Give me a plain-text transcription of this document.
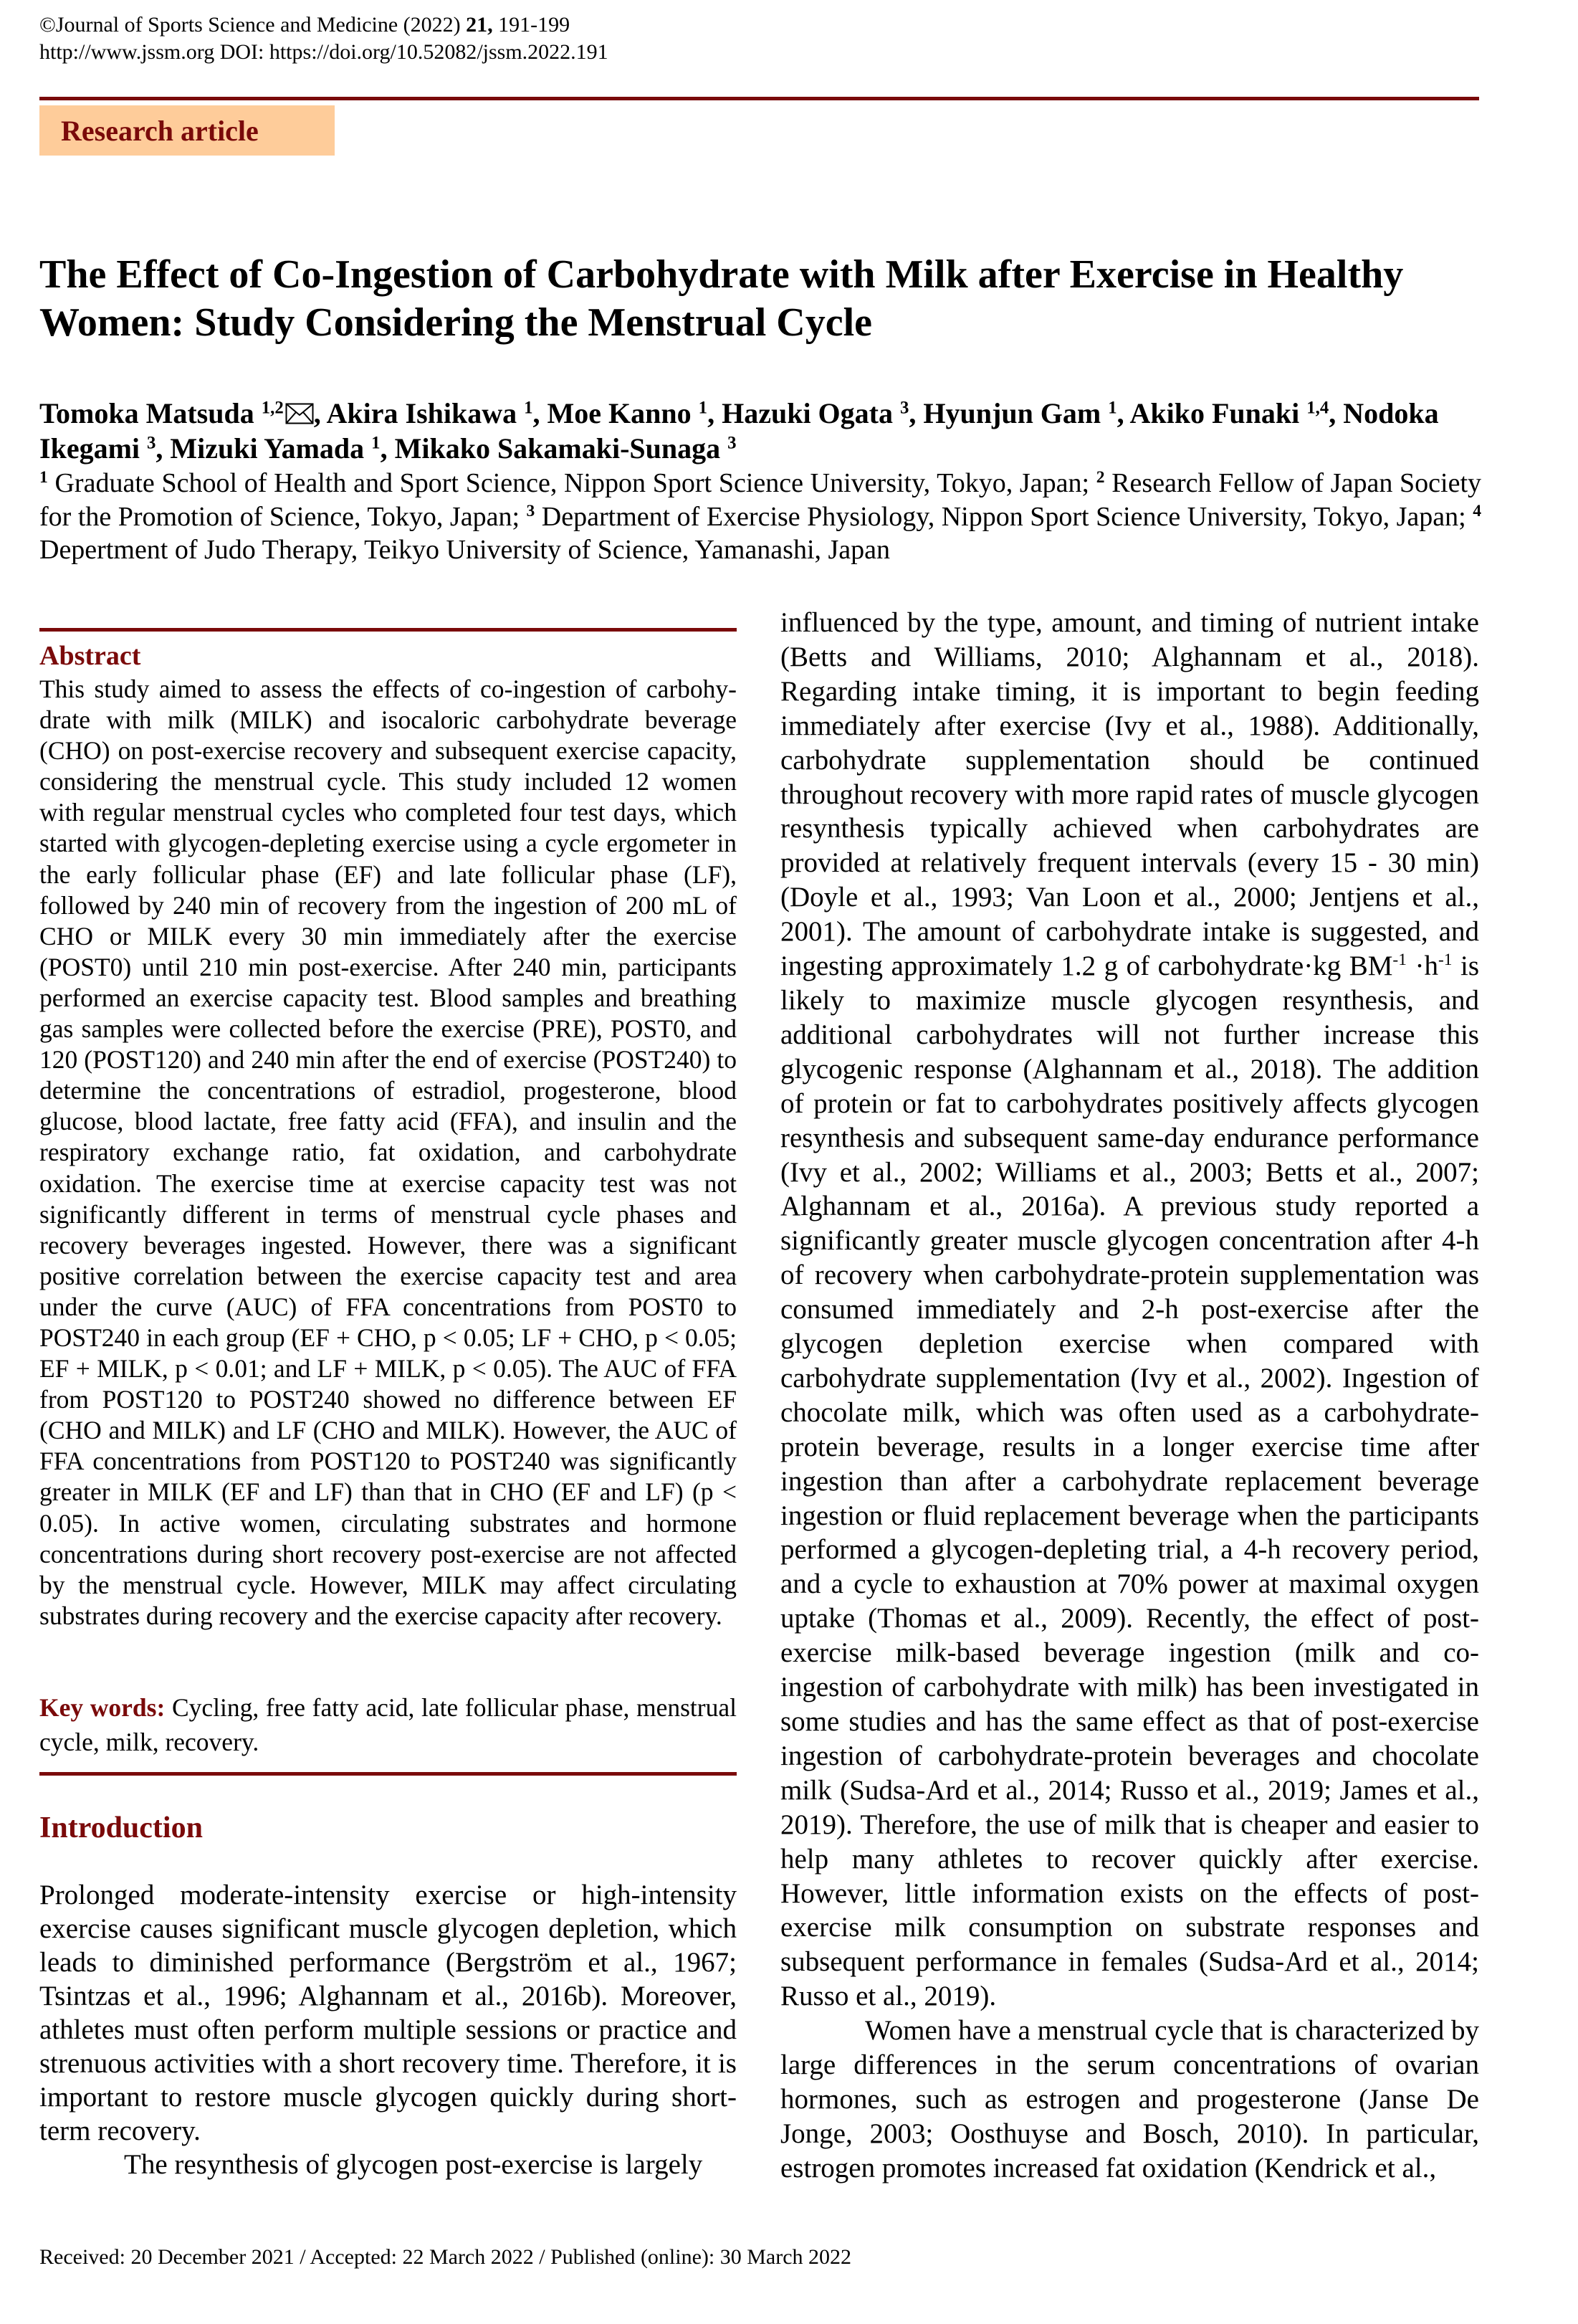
©Journal of Sports Science and Medicine (2022) 21, 191-199
http://www.jssm.org DOI: https://doi.org/10.52082/jssm.2022.191
Research article
The Effect of Co-Ingestion of Carbohydrate with Milk after Exercise in Healthy Women: Study Considering the Menstrual Cycle
Tomoka Matsuda $^{1,2}$ , Akira Ishikawa $^1$, Moe Kanno $^1$, Hazuki Ogata $^3$, Hyunjun Gam $^1$, Akiko Funaki $^{1,4}$, Nodoka Ikegami $^3$, Mizuki Yamada $^1$, Mikako Sakamaki-Sunaga $^3$
$^1$ Graduate School of Health and Sport Science, Nippon Sport Science University, Tokyo, Japan; $^2$ Research Fellow of Japan Society for the Promotion of Science, Tokyo, Japan; $^3$ Department of Exercise Physiology, Nippon Sport Science University, Tokyo, Japan; $^4$ Depertment of Judo Therapy, Teikyo University of Science, Yamanashi, Japan
Abstract
This study aimed to assess the effects of co-ingestion of carbohydrate with milk (MILK) and isocaloric carbohydrate beverage (CHO) on post-exercise recovery and subsequent exercise capacity, considering the menstrual cycle. This study included 12 women with regular menstrual cycles who completed four test days, which started with glycogen-depleting exercise using a cycle ergometer in the early follicular phase (EF) and late follicular phase (LF), followed by 240 min of recovery from the ingestion of 200 mL of CHO or MILK every 30 min immediately after the exercise (POST0) until 210 min post-exercise. After 240 min, participants performed an exercise capacity test. Blood samples and breathing gas samples were collected before the exercise (PRE), POST0, and 120 (POST120) and 240 min after the end of exercise (POST240) to determine the concentrations of estradiol, progesterone, blood glucose, blood lactate, free fatty acid (FFA), and insulin and the respiratory exchange ratio, fat oxidation, and carbohydrate oxidation. The exercise time at exercise capacity test was not significantly different in terms of menstrual cycle phases and recovery beverages ingested. However, there was a significant positive correlation between the exercise capacity test and area under the curve (AUC) of FFA concentrations from POST0 to POST240 in each group (EF + CHO, p < 0.05; LF + CHO, p < 0.05; EF + MILK, p < 0.01; and LF + MILK, p < 0.05). The AUC of FFA from POST120 to POST240 showed no difference between EF (CHO and MILK) and LF (CHO and MILK). However, the AUC of FFA concentrations from POST120 to POST240 was significantly greater in MILK (EF and LF) than that in CHO (EF and LF) (p < 0.05). In active women, circulating substrates and hormone concentrations during short recovery post-exercise are not affected by the menstrual cycle. However, MILK may affect circulating substrates during recovery and the exercise capacity after recovery.
Key words: Cycling, free fatty acid, late follicular phase, menstrual cycle, milk, recovery.
Introduction

Prolonged moderate-intensity exercise or high-intensity exercise causes significant muscle glycogen depletion, which leads to diminished performance (Bergström et al., 1967; Tsintzas et al., 1996; Alghannam et al., 2016b). Moreover, athletes must often perform multiple sessions or practice and strenuous activities with a short recovery time. Therefore, it is important to restore muscle glycogen quickly during short-term recovery.

The resynthesis of glycogen post-exercise is largely

influenced by the type, amount, and timing of nutrient intake (Betts and Williams, 2010; Alghannam et al., 2018). Regarding intake timing, it is important to begin feeding immediately after exercise (Ivy et al., 1988). Additionally, carbohydrate supplementation should be continued throughout recovery with more rapid rates of muscle glycogen resynthesis typically achieved when carbohydrates are provided at relatively frequent intervals (every 15 - 30 min) (Doyle et al., 1993; Van Loon et al., 2000; Jentjens et al., 2001). The amount of carbohydrate intake is suggested, and ingesting approximately 1.2 g of carbohydrate·kg $BM^{-1} \cdot h^{-1}$ is likely to maximize muscle glycogen resynthesis, and additional carbohydrates will not further increase this glycogenic response (Alghannam et al., 2018). The addition of protein or fat to carbohydrates positively affects glycogen resynthesis and subsequent same-day endurance performance (Ivy et al., 2002; Williams et al., 2003; Betts et al., 2007; Alghannam et al., 2016a). A previous study reported a significantly greater muscle glycogen concentration after 4-h of recovery when carbohydrate-protein supplementation was consumed immediately and 2-h post-exercise after the glycogen depletion exercise when compared with carbohydrate supplementation (Ivy et al., 2002). Ingestion of chocolate milk, which was often used as a carbohydrate-protein beverage, results in a longer exercise time after ingestion than after a carbohydrate replacement beverage ingestion or fluid replacement beverage when the participants performed a glycogen-depleting trial, a 4-h recovery period, and a cycle to exhaustion at 70% power at maximal oxygen uptake (Thomas et al., 2009). Recently, the effect of post-exercise milk-based beverage ingestion (milk and co-ingestion of carbohydrate with milk) has been investigated in some studies and has the same effect as that of post-exercise ingestion of carbohydrate-protein beverages and chocolate milk (Sudsa-Ard et al., 2014; Russo et al., 2019; James et al., 2019). Therefore, the use of milk that is cheaper and easier to help many athletes to recover quickly after exercise. However, little information exists on the effects of post-exercise milk consumption on substrate responses and subsequent performance in females (Sudsa-Ard et al., 2014; Russo et al., 2019).

Women have a menstrual cycle that is characterized by large differences in the serum concentrations of ovarian hormones, such as estrogen and progesterone (Janse De Jonge, 2003; Oosthuyse and Bosch, 2010). In particular, estrogen promotes increased fat oxidation (Kendrick et al.,

Received: 20 December 2021 / Accepted: 22 March 2022 / Published (online): 30 March 2022
